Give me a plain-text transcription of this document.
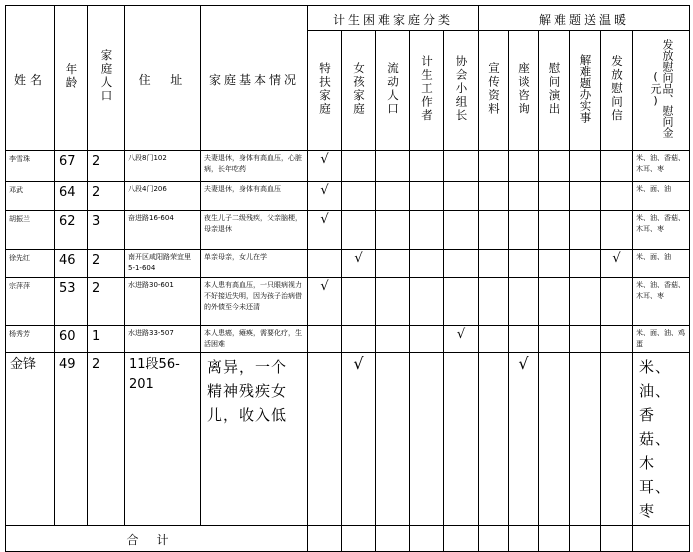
姓名	年龄	家庭人口	住  址	家庭基本情况	计生困难家庭分类					解难题送温暖					
					特扶家庭	女孩家庭	流动人口	计生工作者	协会小组长	宣传资料	座谈咨询	慰问演出	解难题办实事	发放慰问信	发放慰问品、慰问金(元)
李雪珠	67	2	八段8门102	夫妻退休，身体有高血压，心脏病，长年吃药	√										米、油、香菇、木耳、枣
邓武	64	2	八段4门206	夫妻退休，身体有高血压	√										米、面、油
胡振兰	62	3	奋进路16-604	夜生儿子二级残疾，父亲脑梗，母亲退休	√										米、油、香菇、木耳、枣
徐先红	46	2	南开区咸阳路荣宜里5-1-604	单亲母亲，女儿在学		√								√	米、面、油
宗萍萍	53	2	水进路30-601	本人患有高血压，一只眼病视力不好接近失明，因为孩子治病借的外债至今未还清	√										米、油、香菇、木耳、枣
杨秀芳	60	1	水进路33-507	本人患癌，瘫痪，需要化疗，生活困难					√						米、面、油、鸡蛋
金锋	49	2	11段56-201	离异，一个精神残疾女儿，收入低		√					√				米、油、香菇、木耳、枣
合计															
